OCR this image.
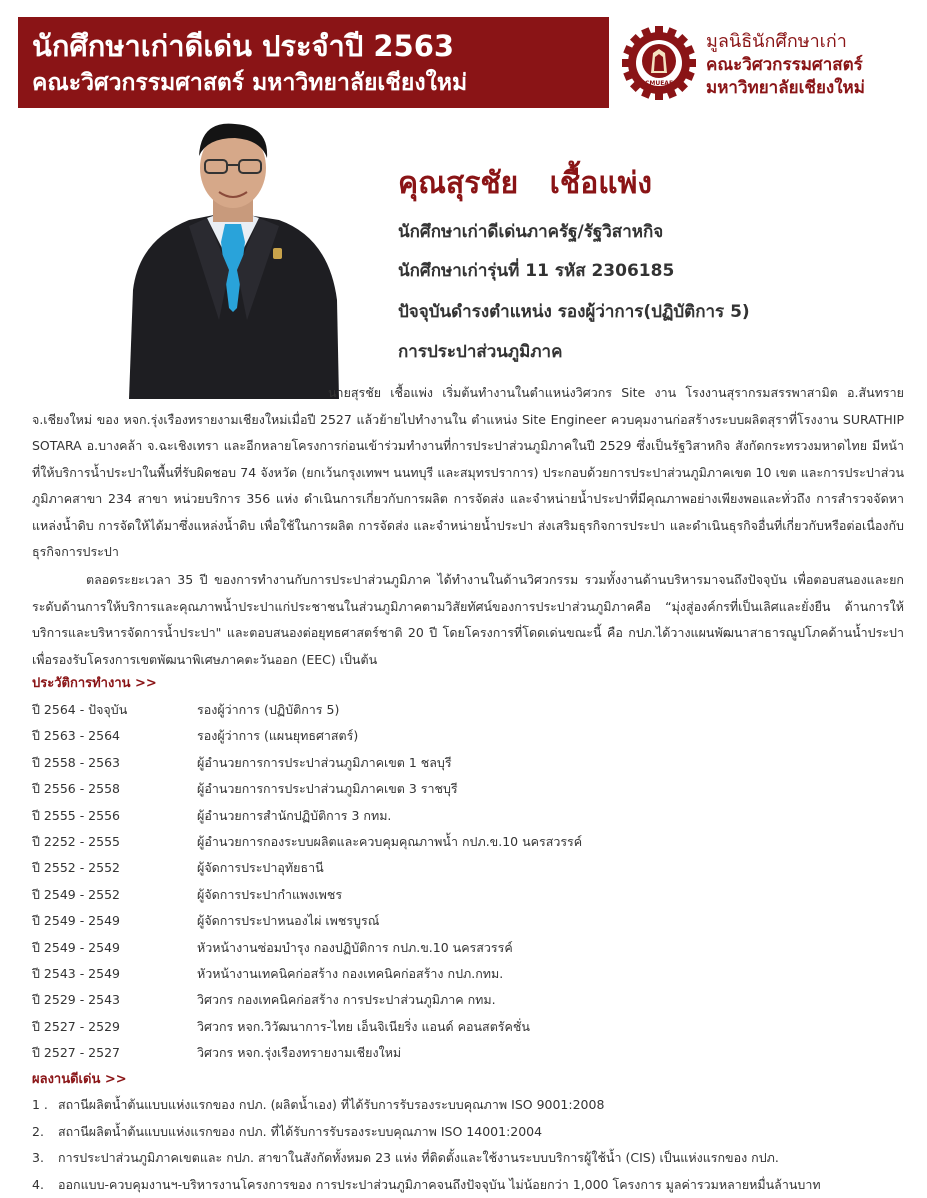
นักศึกษาเก่าดีเด่น ประจำปี 2563
คณะวิศวกรรมศาสตร์ มหาวิทยาลัยเชียงใหม่	CMUEAF
มูลนิธินักศึกษาเก่า
คณะวิศวกรรมศาสตร์
มหาวิทยาลัยเชียงใหม่
คุณสุรชัย   เชื้อแพ่ง
นักศึกษาเก่าดีเด่นภาครัฐ/รัฐวิสาหกิจ
นักศึกษาเก่ารุ่นที่ 11 รหัส 2306185
ปัจจุบันดำรงตำแหน่ง รองผู้ว่าการ(ปฏิบัติการ 5)
การประปาส่วนภูมิภาค

นายสุรชัย เชื้อแพ่ง เริ่มต้นทำงานในตำแหน่งวิศวกร Site งาน โรงงานสุรากรมสรรพาสามิต อ.สันทราย จ.เชียงใหม่ ของ หจก.รุ่งเรืองทรายงามเชียงใหม่เมื่อปี 2527 แล้วย้ายไปทำงานใน ตำแหน่ง Site Engineer ควบคุมงานก่อสร้างระบบผลิตสุราที่โรงงาน SURATHIP SOTARA อ.บางคล้า จ.ฉะเชิงเทรา และอีกหลายโครงการก่อนเข้าร่วมทำงานที่การประปาส่วนภูมิภาคในปี 2529 ซึ่งเป็นรัฐวิสาหกิจ สังกัดกระทรวงมหาดไทย มีหน้าที่ให้บริการน้ำประปาในพื้นที่รับผิดชอบ 74 จังหวัด (ยกเว้นกรุงเทพฯ นนทบุรี และสมุทรปราการ) ประกอบด้วยการประปาส่วนภูมิภาคเขต 10 เขต และการประปาส่วนภูมิภาคสาขา 234 สาขา หน่วยบริการ 356 แห่ง ดำเนินการเกี่ยวกับการผลิต การจัดส่ง และจำหน่ายน้ำประปาที่มีคุณภาพอย่างเพียงพอและทั่วถึง การสำรวจจัดหาแหล่งน้ำดิบ การจัดให้ได้มาซึ่งแหล่งน้ำดิบ เพื่อใช้ในการผลิต การจัดส่ง และจำหน่ายน้ำประปา ส่งเสริมธุรกิจการประปา และดำเนินธุรกิจอื่นที่เกี่ยวกับหรือต่อเนื่องกับธุรกิจการประปา

ตลอดระยะเวลา 35 ปี ของการทำงานกับการประปาส่วนภูมิภาค ได้ทำงานในด้านวิศวกรรม รวมทั้งงานด้านบริหารมาจนถึงปัจจุบัน เพื่อตอบสนองและยกระดับด้านการให้บริการและคุณภาพน้ำประปาแก่ประชาชนในส่วนภูมิภาคตามวิสัยทัศน์ของการประปาส่วนภูมิภาคคือ “มุ่งสู่องค์กรที่เป็นเลิศและยั่งยืน ด้านการให้บริการและบริหารจัดการน้ำประปา" และตอบสนองต่อยุทธศาสตร์ชาติ 20 ปี โดยโครงการที่โดดเด่นขณะนี้ คือ กปภ.ได้วางแผนพัฒนาสาธารณูปโภคด้านน้ำประปาเพื่อรองรับโครงการเขตพัฒนาพิเศษภาคตะวันออก (EEC) เป็นต้น

ประวัติการทำงาน >>
ปี 2564 - ปัจจุบัน	รองผู้ว่าการ (ปฏิบัติการ 5)
ปี 2563 - 2564	รองผู้ว่าการ (แผนยุทธศาสตร์)
ปี 2558 - 2563	ผู้อำนวยการการประปาส่วนภูมิภาคเขต 1 ชลบุรี
ปี 2556 - 2558	ผู้อำนวยการการประปาส่วนภูมิภาคเขต 3 ราชบุรี
ปี 2555 - 2556	ผู้อำนวยการสำนักปฏิบัติการ 3 กทม.
ปี 2252 - 2555	ผู้อำนวยการกองระบบผลิตและควบคุมคุณภาพน้ำ กปภ.ข.10 นครสวรรค์
ปี 2552 - 2552	ผู้จัดการประปาอุทัยธานี
ปี 2549 - 2552	ผู้จัดการประปากำแพงเพชร
ปี 2549 - 2549	ผู้จัดการประปาหนองไผ่ เพชรบูรณ์
ปี 2549 - 2549	หัวหน้างานซ่อมบำรุง กองปฏิบัติการ กปภ.ข.10 นครสวรรค์
ปี 2543 - 2549	หัวหน้างานเทคนิคก่อสร้าง กองเทคนิคก่อสร้าง กปภ.กทม.
ปี 2529 - 2543	วิศวกร กองเทคนิคก่อสร้าง การประปาส่วนภูมิภาค กทม.
ปี 2527 - 2529	วิศวกร หจก.วิวัฒนาการ-ไทย เอ็นจิเนียริ่ง แอนด์ คอนสตรัคชั่น
ปี 2527 - 2527	วิศวกร หจก.รุ่งเรืองทรายงามเชียงใหม่
ผลงานดีเด่น >>
1 . สถานีผลิตน้ำต้นแบบแห่งแรกของ กปภ. (ผลิตน้ำเอง) ที่ได้รับการรับรองระบบคุณภาพ ISO 9001:2008
2. สถานีผลิตน้ำต้นแบบแห่งแรกของ กปภ. ที่ได้รับการรับรองระบบคุณภาพ ISO 14001:2004
3. การประปาส่วนภูมิภาคเขตและ กปภ. สาขาในสังกัดทั้งหมด 23 แห่ง ที่ติดตั้งและใช้งานระบบบริการผู้ใช้น้ำ (CIS) เป็นแห่งแรกของ กปภ.
4. ออกแบบ-ควบคุมงานฯ-บริหารงานโครงการของ การประปาส่วนภูมิภาคจนถึงปัจจุบัน ไม่น้อยกว่า 1,000 โครงการ มูลค่ารวมหลายหมื่นล้านบาท
